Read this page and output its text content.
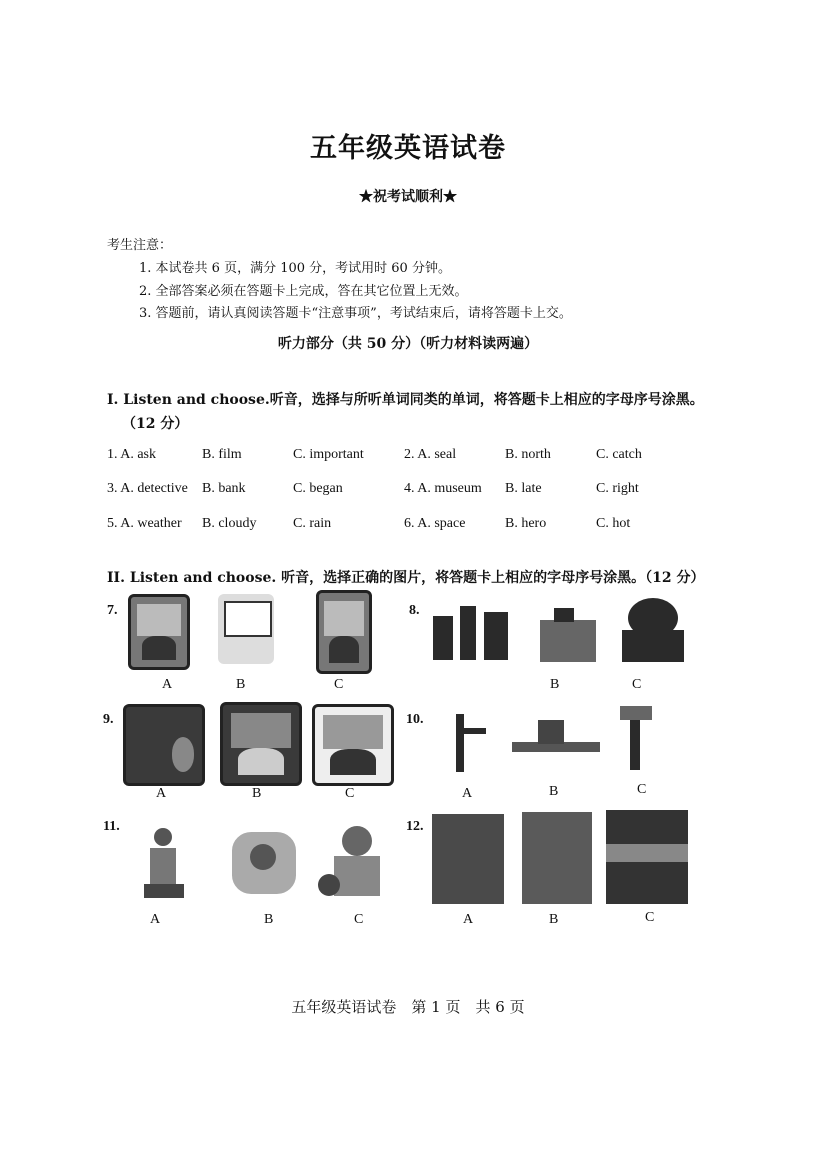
五年级英语试卷
★祝考试顺利★
考生注意：
1. 本试卷共 6 页，满分 100 分，考试用时 60 分钟。
2. 全部答案必须在答题卡上完成，答在其它位置上无效。
3. 答题前，请认真阅读答题卡“注意事项”，考试结束后，请将答题卡上交。
听力部分（共 50 分）（听力材料读两遍）
I. Listen and choose.听音，选择与所听单词同类的单词，将答题卡上相应的字母序号涂黑。
（12 分）
1. A. ask	B. film	C. important	2. A. seal	B. north	C. catch
3. A. detective B. bank	C. began	4. A. museum B. late	C. right
5. A. weather B. cloudy	C. rain	6. A. space	B. hero	C. hot
II. Listen and choose. 听音，选择正确的图片，将答题卡上相应的字母序号涂黑。（12 分）
7.
A	B	C
8.
B	C
9.
A	B	C
10.
A	B	C
11.
A	B	C
12.
A	B	C
五年级英语试卷　第 1 页　共 6 页
